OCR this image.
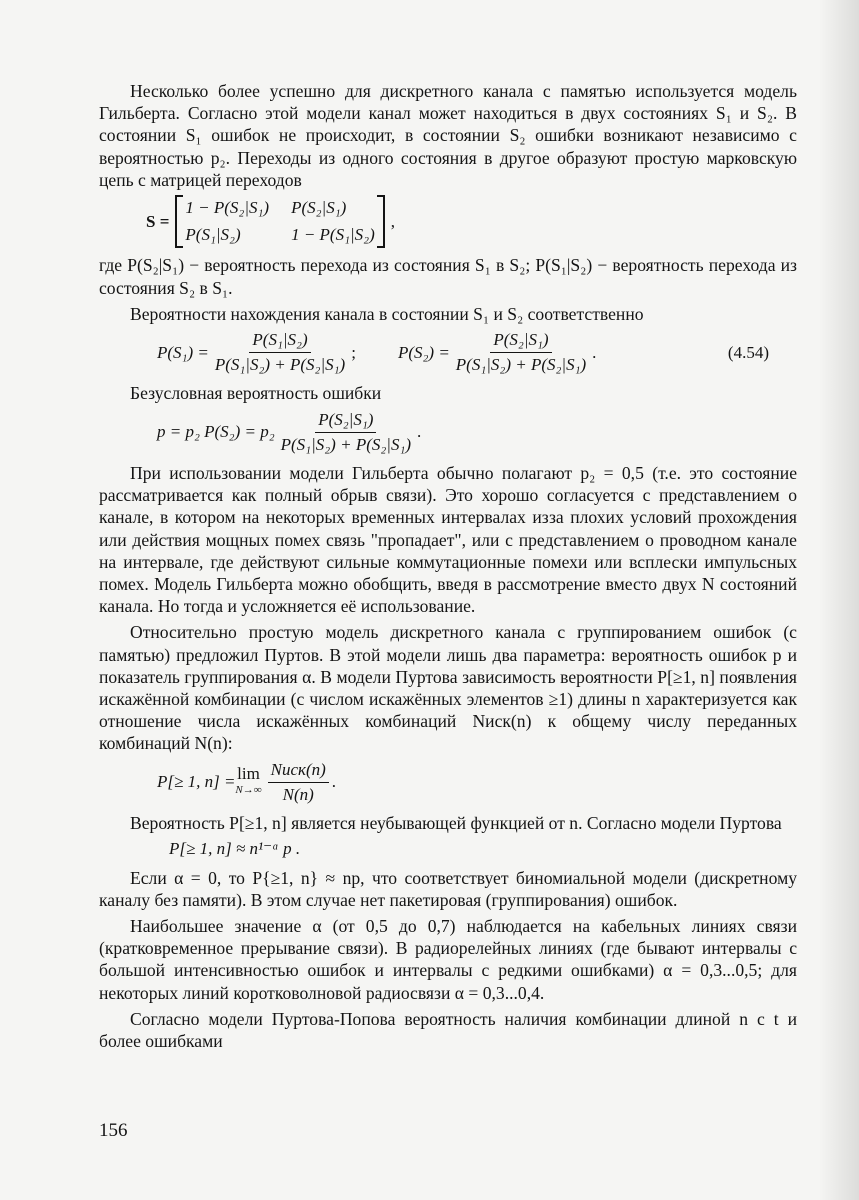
Несколько более успешно для дискретного канала с памятью используется модель Гильберта. Согласно этой модели канал может находиться в двух состояниях S₁ и S₂. В состоянии S₁ ошибок не происходит, в состоянии S₂ ошибки возникают независимо с вероятностью p₂. Переходы из одного состояния в другое образуют простую марковскую цепь с матрицей переходов

S =
1 − P(S₂|S₁) P(S₂|S₁)
P(S₁|S₂)	1 − P(S₁|S₂)
,

где P(S₂|S₁) − вероятность перехода из состояния S₁ в S₂; P(S₁|S₂) − вероятность перехода из состояния S₂ в S₁.

Вероятности нахождения канала в состоянии S₁ и S₂ соответственно

$P(S_1) = \frac{\text{P(S₁|S₂)}}{\text{P(S₁|S₂) + P(S₂|S₁)}}$ ; $P(S_2) = \frac{\text{P(S₂|S₁)}}{\text{P(S₁|S₂) + P(S₂|S₁)}}$ .	(4.54)

Безусловная вероятность ошибки

p = p₂ $P(S_2) = p_2 \frac{\text{P(S₂|S₁)}}{\text{P(S₁|S₂) + P(S₂|S₁)}}$ .

При использовании модели Гильберта обычно полагают p₂ = 0,5 (т.е. это состояние рассматривается как полный обрыв связи). Это хорошо согласуется с представлением о канале, в котором на некоторых временных интервалах изза плохих условий прохождения или действия мощных помех связь "пропадает", или с представлением о проводном канале на интервале, где действуют сильные коммутационные помехи или всплески импульсных помех. Модель Гильберта можно обобщить, введя в рассмотрение вместо двух N состояний канала. Но тогда и усложняется её использование.

Относительно простую модель дискретного канала с группированием ошибок (с памятью) предложил Пуртов. В этой модели лишь два параметра: вероятность ошибок p и показатель группирования α. В модели Пуртова зависимость вероятности P[≥1, n] появления искажённой комбинации (с числом искажённых элементов ≥1) длины n характеризуется как отношение числа искажённых комбинаций Nиск(n) к общему числу переданных комбинаций N(n):

P[≥ 1, n] = lim
$N\to\infty \frac{\text{Nиск(n)}}{N(n)}$ .

Вероятность P[≥1, n] является неубывающей функцией от n. Согласно модели Пуртова

P[≥ 1, n] ≈ n¹⁻ᵅ p .

Если α = 0, то P{≥1, n} ≈ np, что соответствует биномиальной модели (дискретному каналу без памяти). В этом случае нет пакетировая (группирования) ошибок.

Наибольшее значение α (от 0,5 до 0,7) наблюдается на кабельных линиях связи (кратковременное прерывание связи). В радиорелейных линиях (где бывают интервалы с большой интенсивностью ошибок и интервалы с редкими ошибками) α = 0,3...0,5; для некоторых линий коротковолновой радиосвязи α = 0,3...0,4.

Согласно модели Пуртова-Попова вероятность наличия комбинации длиной n с t и более ошибками

156
